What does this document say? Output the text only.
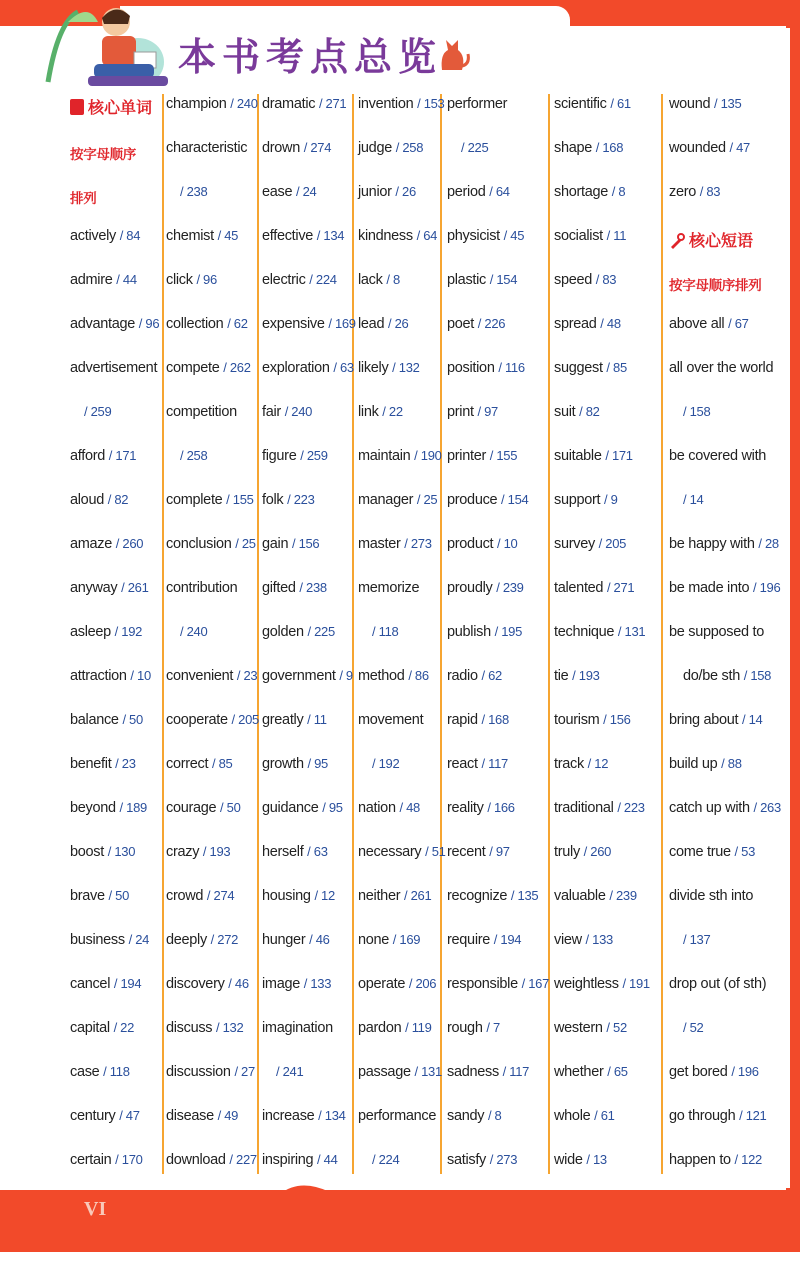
本书考点总览
核心单词
按字母顺序
排列
actively / 84
admire / 44
advantage / 96
advertisement
/ 259
afford / 171
aloud / 82
amaze / 260
anyway / 261
asleep / 192
attraction / 10
balance / 50
benefit / 23
beyond / 189
boost / 130
brave / 50
business / 24
cancel / 194
capital / 22
case / 118
century / 47
certain / 170
champion / 240
characteristic
/ 238
chemist / 45
click / 96
collection / 62
compete / 262
competition
/ 258
complete / 155
conclusion / 25
contribution
/ 240
convenient / 23
cooperate / 205
correct / 85
courage / 50
crazy / 193
crowd / 274
deeply / 272
discovery / 46
discuss / 132
discussion / 27
disease / 49
download / 227
dramatic / 271
drown / 274
ease / 24
effective / 134
electric / 224
expensive / 169
exploration / 63
fair / 240
figure / 259
folk / 223
gain / 156
gifted / 238
golden / 225
government / 9
greatly / 11
growth / 95
guidance / 95
herself / 63
housing / 12
hunger / 46
image / 133
imagination
/ 241
increase / 134
inspiring / 44
invention / 153
judge / 258
junior / 26
kindness / 64
lack / 8
lead / 26
likely / 132
link / 22
maintain / 190
manager / 25
master / 273
memorize
/ 118
method / 86
movement
/ 192
nation / 48
necessary / 51
neither / 261
none / 169
operate / 206
pardon / 119
passage / 131
performance
/ 224
performer
/ 225
period / 64
physicist / 45
plastic / 154
poet / 226
position / 116
print / 97
printer / 155
produce / 154
product / 10
proudly / 239
publish / 195
radio / 62
rapid / 168
react / 117
reality / 166
recent / 97
recognize / 135
require / 194
responsible / 167
rough / 7
sadness / 117
sandy / 8
satisfy / 273
scientific / 61
shape / 168
shortage / 8
socialist / 11
speed / 83
spread / 48
suggest / 85
suit / 82
suitable / 171
support / 9
survey / 205
talented / 271
technique / 131
tie / 193
tourism / 156
track / 12
traditional / 223
truly / 260
valuable / 239
view / 133
weightless / 191
western / 52
whether / 65
whole / 61
wide / 13
wound / 135
wounded / 47
zero / 83
核心短语
按字母顺序排列
above all / 67
all over the world
/ 158
be covered with
/ 14
be happy with / 28
be made into / 196
be supposed to
do/be sth / 158
bring about / 14
build up / 88
catch up with / 263
come true / 53
divide sth into
/ 137
drop out (of sth)
/ 52
get bored / 196
go through / 121
happen to / 122
VI
